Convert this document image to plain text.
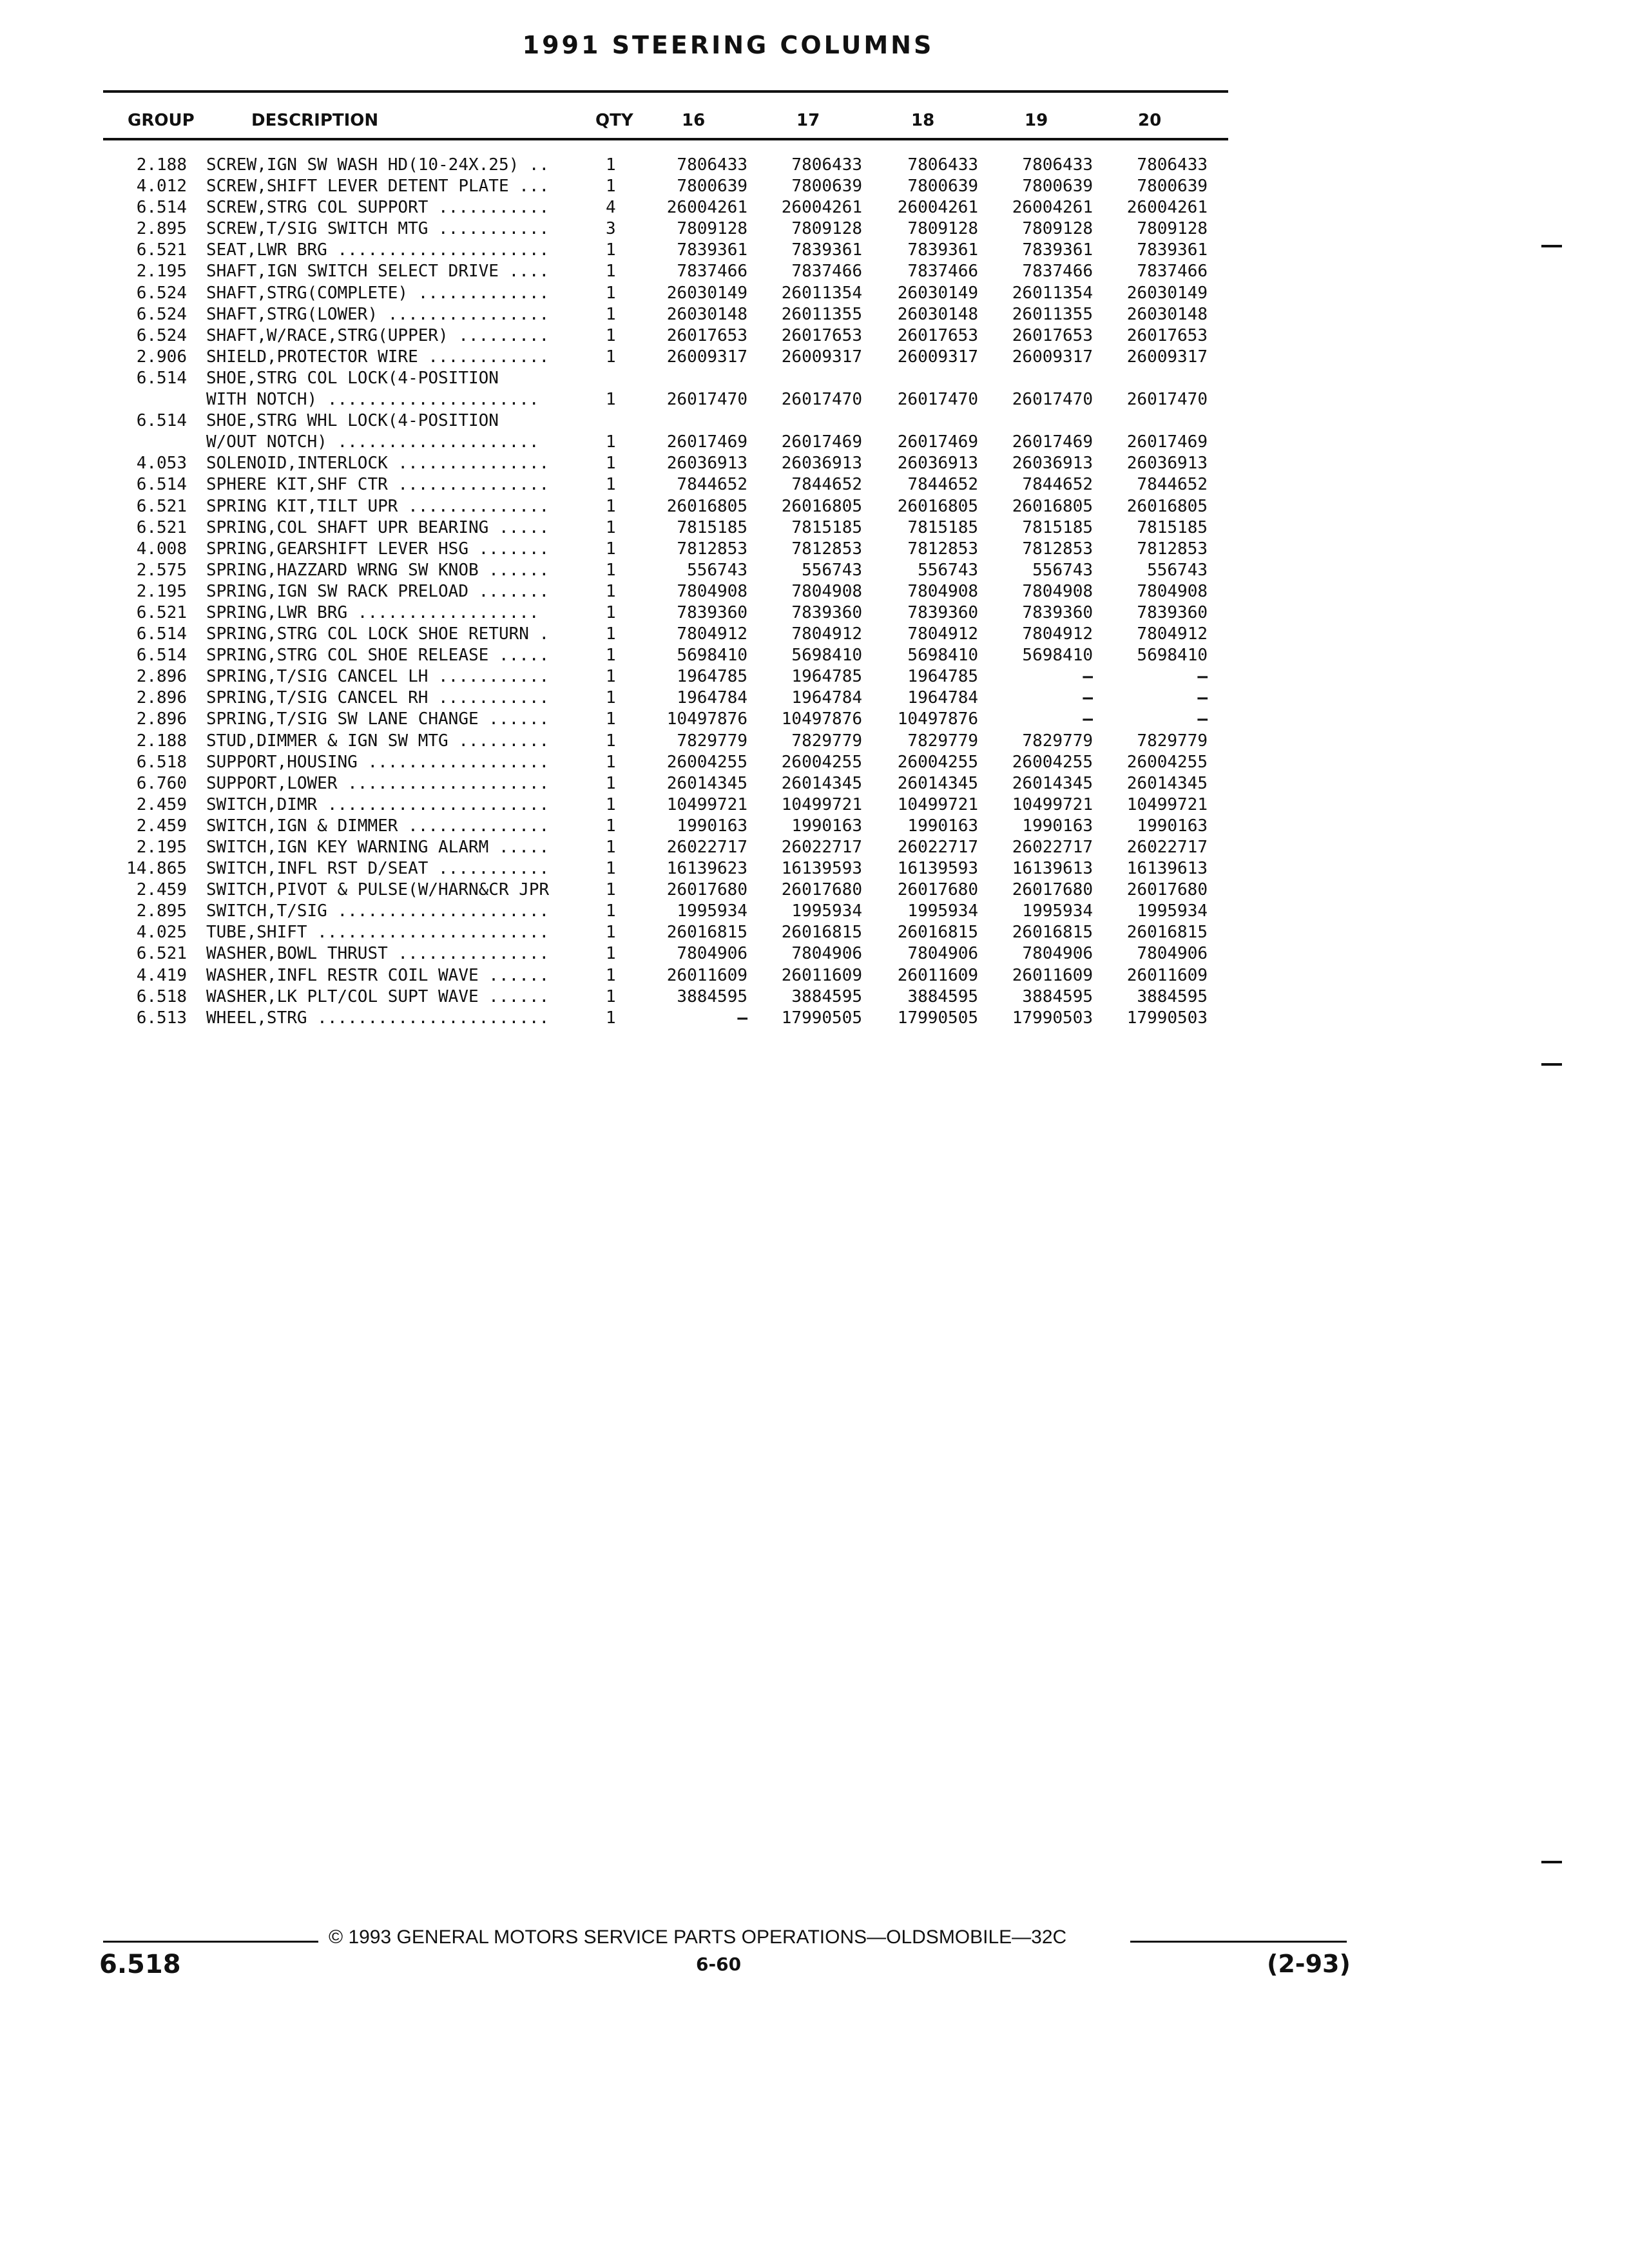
1991 STEERING COLUMNS
GROUP	DESCRIPTION	QTY	16	17	18	19	20
2.188 SCREW,IGN SW WASH HD(10-24X.25) ..	1	7806433	7806433	7806433	7806433	7806433
4.012 SCREW,SHIFT LEVER DETENT PLATE ...	1	7800639	7800639	7800639	7800639	7800639
6.514 SCREW,STRG COL SUPPORT ...........	4	26004261	26004261	26004261	26004261	26004261
2.895 SCREW,T/SIG SWITCH MTG ...........	3	7809128	7809128	7809128	7809128	7809128
6.521 SEAT,LWR BRG .....................	1	7839361	7839361	7839361	7839361	7839361
2.195 SHAFT,IGN SWITCH SELECT DRIVE ....	1	7837466	7837466	7837466	7837466	7837466
6.524 SHAFT,STRG(COMPLETE) .............	1	26030149	26011354	26030149	26011354	26030149
6.524 SHAFT,STRG(LOWER) ................	1	26030148	26011355	26030148	26011355	26030148
6.524 SHAFT,W/RACE,STRG(UPPER) .........	1	26017653	26017653	26017653	26017653	26017653
2.906 SHIELD,PROTECTOR WIRE ............	1	26009317	26009317	26009317	26009317	26009317
6.514 SHOE,STRG COL LOCK(4-POSITION
WITH NOTCH) .....................	1	26017470	26017470	26017470	26017470	26017470
6.514 SHOE,STRG WHL LOCK(4-POSITION
W/OUT NOTCH) ....................	1	26017469	26017469	26017469	26017469	26017469
4.053 SOLENOID,INTERLOCK ...............	1	26036913	26036913	26036913	26036913	26036913
6.514 SPHERE KIT,SHF CTR ...............	1	7844652	7844652	7844652	7844652	7844652
6.521 SPRING KIT,TILT UPR ..............	1	26016805	26016805	26016805	26016805	26016805
6.521 SPRING,COL SHAFT UPR BEARING .....	1	7815185	7815185	7815185	7815185	7815185
4.008 SPRING,GEARSHIFT LEVER HSG .......	1	7812853	7812853	7812853	7812853	7812853
2.575 SPRING,HAZZARD WRNG SW KNOB ......	1	556743	556743	556743	556743	556743
2.195 SPRING,IGN SW RACK PRELOAD .......	1	7804908	7804908	7804908	7804908	7804908
6.521 SPRING,LWR BRG ..................	1	7839360	7839360	7839360	7839360	7839360
6.514 SPRING,STRG COL LOCK SHOE RETURN .	1	7804912	7804912	7804912	7804912	7804912
6.514 SPRING,STRG COL SHOE RELEASE .....	1	5698410	5698410	5698410	5698410	5698410
2.896 SPRING,T/SIG CANCEL LH ...........	1	1964785	1964785	1964785	—	—
2.896 SPRING,T/SIG CANCEL RH ...........	1	1964784	1964784	1964784	—	—
2.896 SPRING,T/SIG SW LANE CHANGE ......	1	10497876	10497876	10497876	—	—
2.188 STUD,DIMMER & IGN SW MTG .........	1	7829779	7829779	7829779	7829779	7829779
6.518 SUPPORT,HOUSING ..................	1	26004255	26004255	26004255	26004255	26004255
6.760 SUPPORT,LOWER ....................	1	26014345	26014345	26014345	26014345	26014345
2.459 SWITCH,DIMR ......................	1	10499721	10499721	10499721	10499721	10499721
2.459 SWITCH,IGN & DIMMER ..............	1	1990163	1990163	1990163	1990163	1990163
2.195 SWITCH,IGN KEY WARNING ALARM .....	1	26022717	26022717	26022717	26022717	26022717
14.865 SWITCH,INFL RST D/SEAT ...........	1	16139623	16139593	16139593	16139613	16139613
2.459 SWITCH,PIVOT & PULSE(W/HARN&CR JPR	1	26017680	26017680	26017680	26017680	26017680
2.895 SWITCH,T/SIG .....................	1	1995934	1995934	1995934	1995934	1995934
4.025 TUBE,SHIFT .......................	1	26016815	26016815	26016815	26016815	26016815
6.521 WASHER,BOWL THRUST ...............	1	7804906	7804906	7804906	7804906	7804906
4.419 WASHER,INFL RESTR COIL WAVE ......	1	26011609	26011609	26011609	26011609	26011609
6.518 WASHER,LK PLT/COL SUPT WAVE ......	1	3884595	3884595	3884595	3884595	3884595
6.513 WHEEL,STRG .......................	1	—	17990505	17990505	17990503	17990503
© 1993 GENERAL MOTORS SERVICE PARTS OPERATIONS—OLDSMOBILE—32C
6.518	6-60	(2-93)
